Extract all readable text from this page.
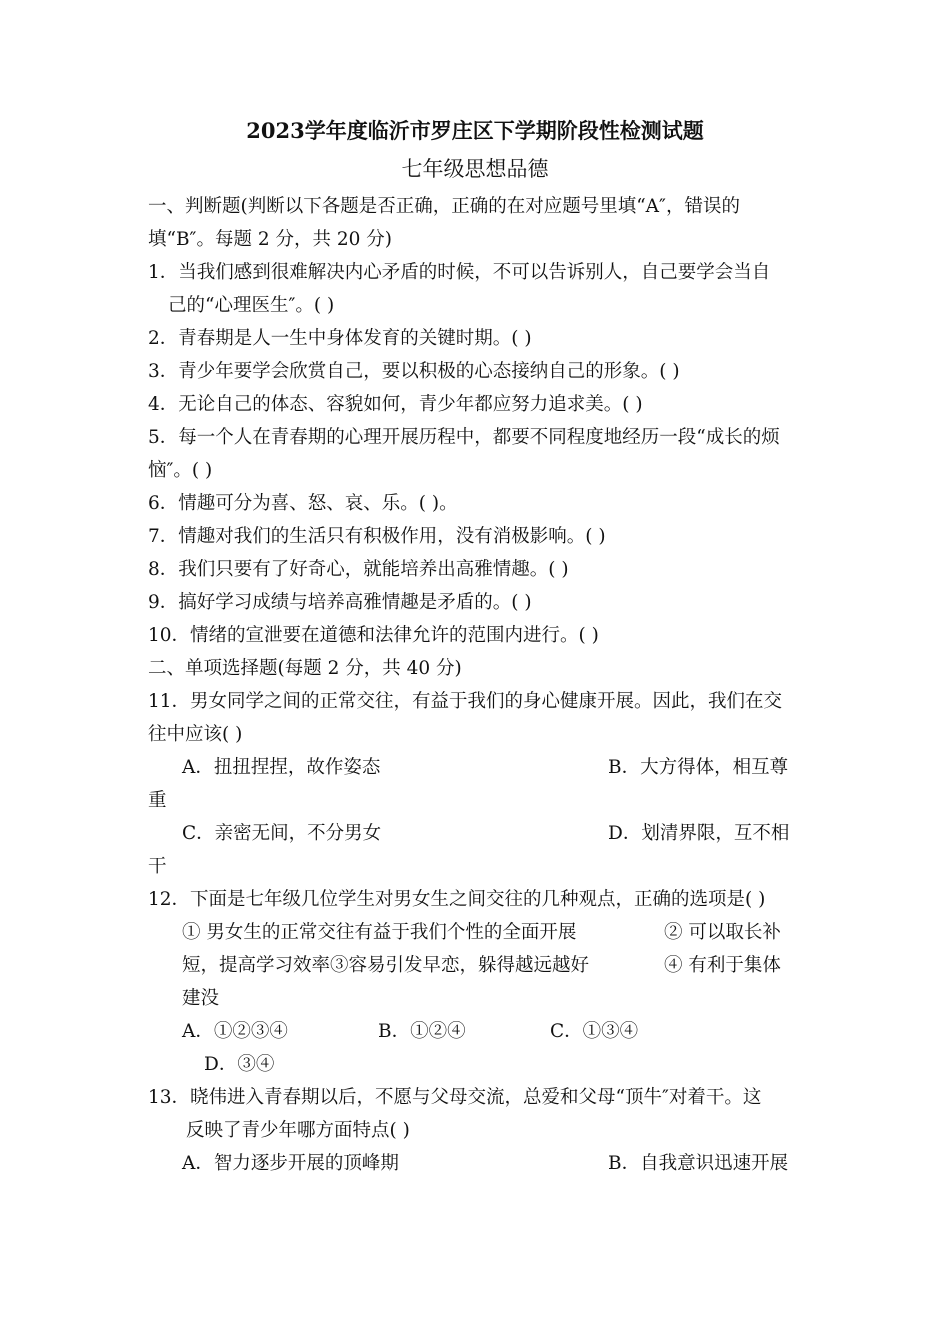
2023学年度临沂市罗庄区下学期阶段性检测试题
七年级思想品德
一、判断题(判断以下各题是否正确，正确的在对应题号里填“A″，错误的
填“B″。每题 2 分，共 20 分)
1．当我们感到很难解决内心矛盾的时候，不可以告诉别人，自己要学会当自
己的“心理医生″。( )
2．青春期是人一生中身体发育的关键时期。( )
3．青少年要学会欣赏自己，要以积极的心态接纳自己的形象。( )
4．无论自己的体态、容貌如何，青少年都应努力追求美。( )
5．每一个人在青春期的心理开展历程中，都要不同程度地经历一段“成长的烦
恼″。( )
6．情趣可分为喜、怒、哀、乐。( )。
7．情趣对我们的生活只有积极作用，没有消极影响。( )
8．我们只要有了好奇心，就能培养出高雅情趣。( )
9．搞好学习成绩与培养高雅情趣是矛盾的。( )
10．情绪的宣泄要在道德和法律允许的范围内进行。( )
二、单项选择题(每题 2 分，共 40 分)
11．男女同学之间的正常交往，有益于我们的身心健康开展。因此，我们在交
往中应该( )
A．扭扭捏捏，故作姿态	B．大方得体，相互尊
重
C．亲密无间，不分男女	D．划清界限，互不相
干
12．下面是七年级几位学生对男女生之间交往的几种观点，正确的选项是( )
① 男女生的正常交往有益于我们个性的全面开展	② 可以取长补
短，提高学习效率③容易引发早恋，躲得越远越好	④ 有利于集体
建没
A．①②③④	B．①②④	C．①③④
D．③④
13．晓伟进入青春期以后，不愿与父母交流，总爱和父母“顶牛″对着干。这
反映了青少年哪方面特点( )
A．智力逐步开展的顶峰期	B．自我意识迅速开展
